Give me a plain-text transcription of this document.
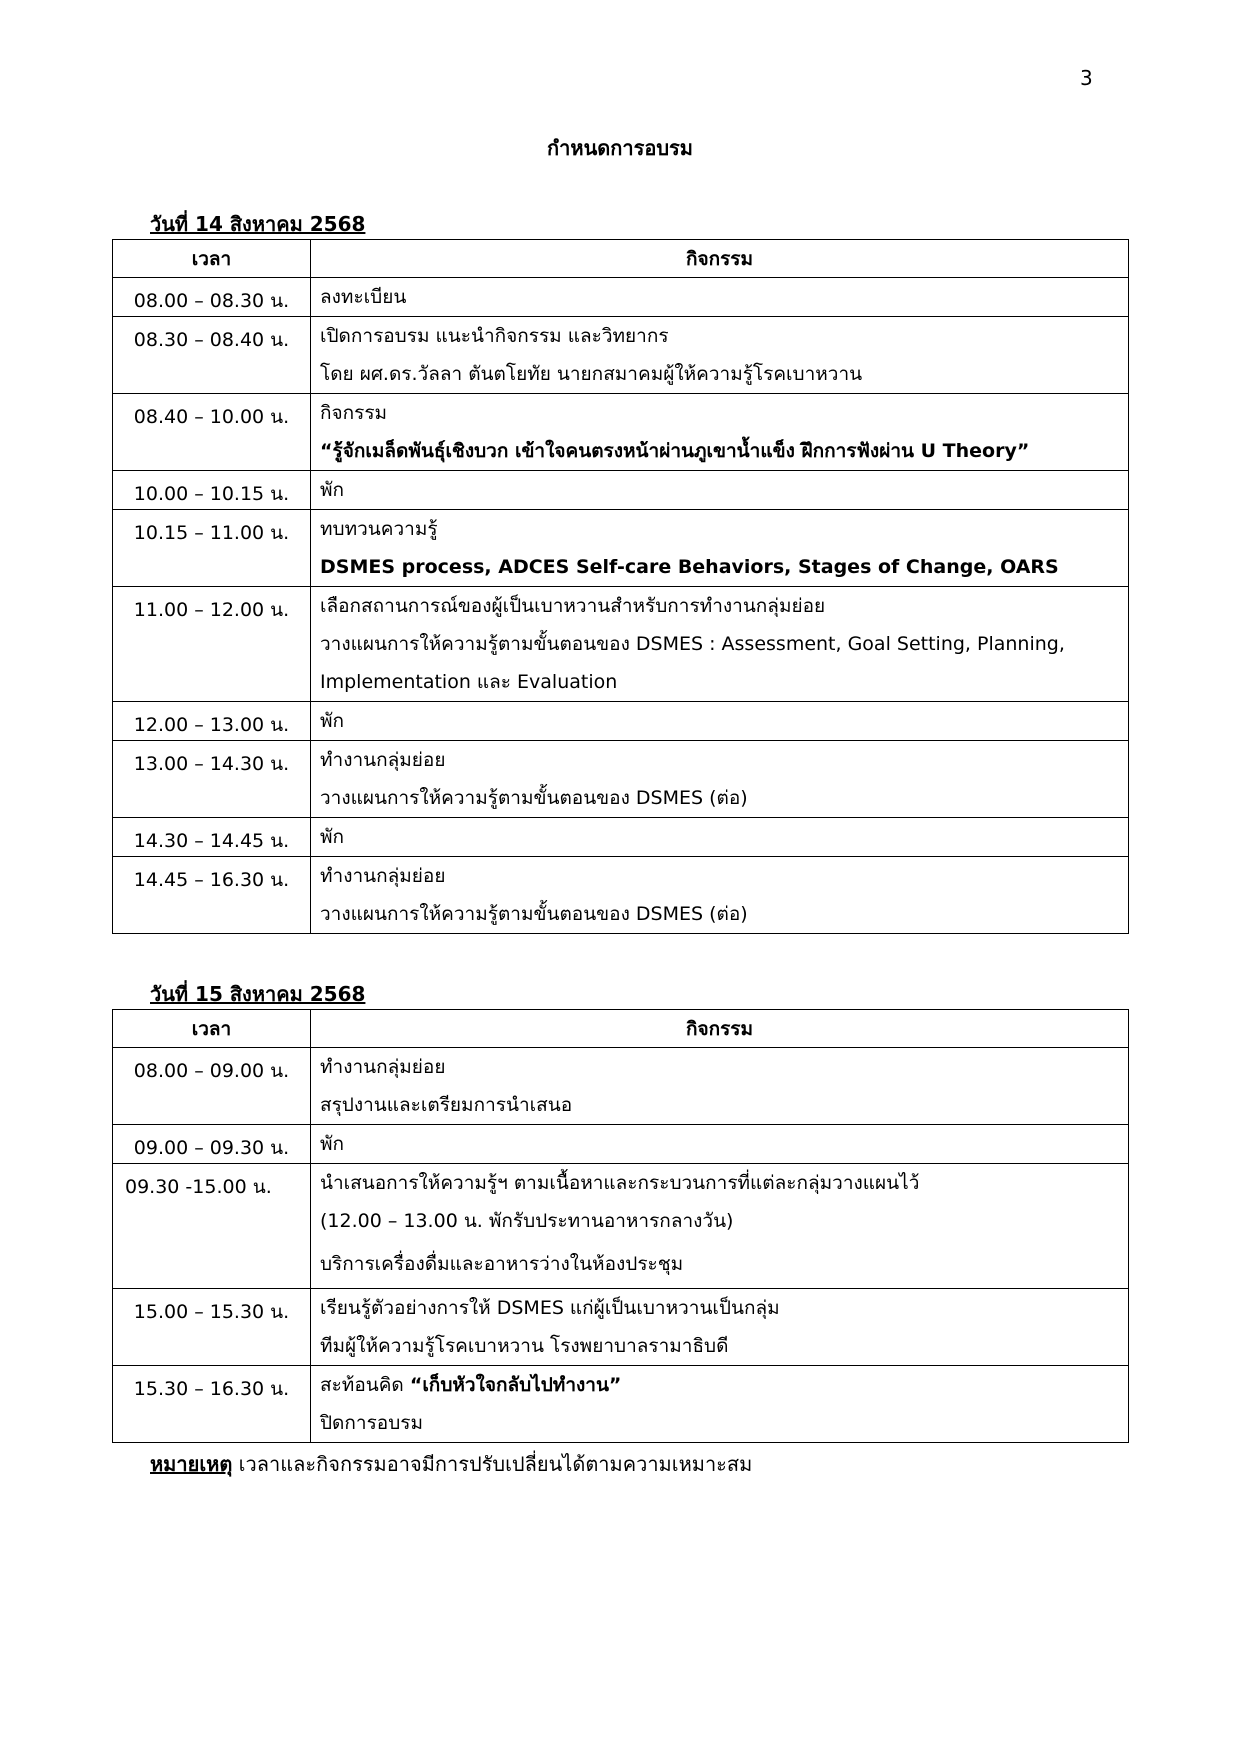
3
กำหนดการอบรม
วันที่ 14 สิงหาคม 2568
เวลา	กิจกรรม
08.00 – 08.30 น.	ลงทะเบียน

08.30 – 08.40 น.	เปิดการอบรม แนะนำกิจกรรม และวิทยากร
โดย ผศ.ดร.วัลลา ตันตโยทัย นายกสมาคมผู้ให้ความรู้โรคเบาหวาน

08.40 – 10.00 น.	กิจกรรม
“รู้จักเมล็ดพันธุ์เชิงบวก เข้าใจคนตรงหน้าผ่านภูเขาน้ำแข็ง ฝึกการฟังผ่าน U Theory”

10.00 – 10.15 น.	พัก

10.15 – 11.00 น.	ทบทวนความรู้
DSMES process, ADCES Self-care Behaviors, Stages of Change, OARS

11.00 – 12.00 น.	เลือกสถานการณ์ของผู้เป็นเบาหวานสำหรับการทำงานกลุ่มย่อย
วางแผนการให้ความรู้ตามขั้นตอนของ DSMES : Assessment, Goal Setting, Planning,
Implementation และ Evaluation

12.00 – 13.00 น.	พัก

13.00 – 14.30 น.	ทำงานกลุ่มย่อย
วางแผนการให้ความรู้ตามขั้นตอนของ DSMES (ต่อ)

14.30 – 14.45 น.	พัก

14.45 – 16.30 น.	ทำงานกลุ่มย่อย
วางแผนการให้ความรู้ตามขั้นตอนของ DSMES (ต่อ)
วันที่ 15 สิงหาคม 2568
เวลา	กิจกรรม
08.00 – 09.00 น.	ทำงานกลุ่มย่อย
สรุปงานและเตรียมการนำเสนอ

09.00 – 09.30 น.	พัก

09.30 -15.00 น.	นำเสนอการให้ความรู้ฯ ตามเนื้อหาและกระบวนการที่แต่ละกลุ่มวางแผนไว้
(12.00 – 13.00 น. พักรับประทานอาหารกลางวัน)
บริการเครื่องดื่มและอาหารว่างในห้องประชุม

15.00 – 15.30 น.	เรียนรู้ตัวอย่างการให้ DSMES แก่ผู้เป็นเบาหวานเป็นกลุ่ม
ทีมผู้ให้ความรู้โรคเบาหวาน โรงพยาบาลรามาธิบดี

15.30 – 16.30 น.	สะท้อนคิด “เก็บหัวใจกลับไปทำงาน”
ปิดการอบรม
หมายเหตุ เวลาและกิจกรรมอาจมีการปรับเปลี่ยนได้ตามความเหมาะสม
